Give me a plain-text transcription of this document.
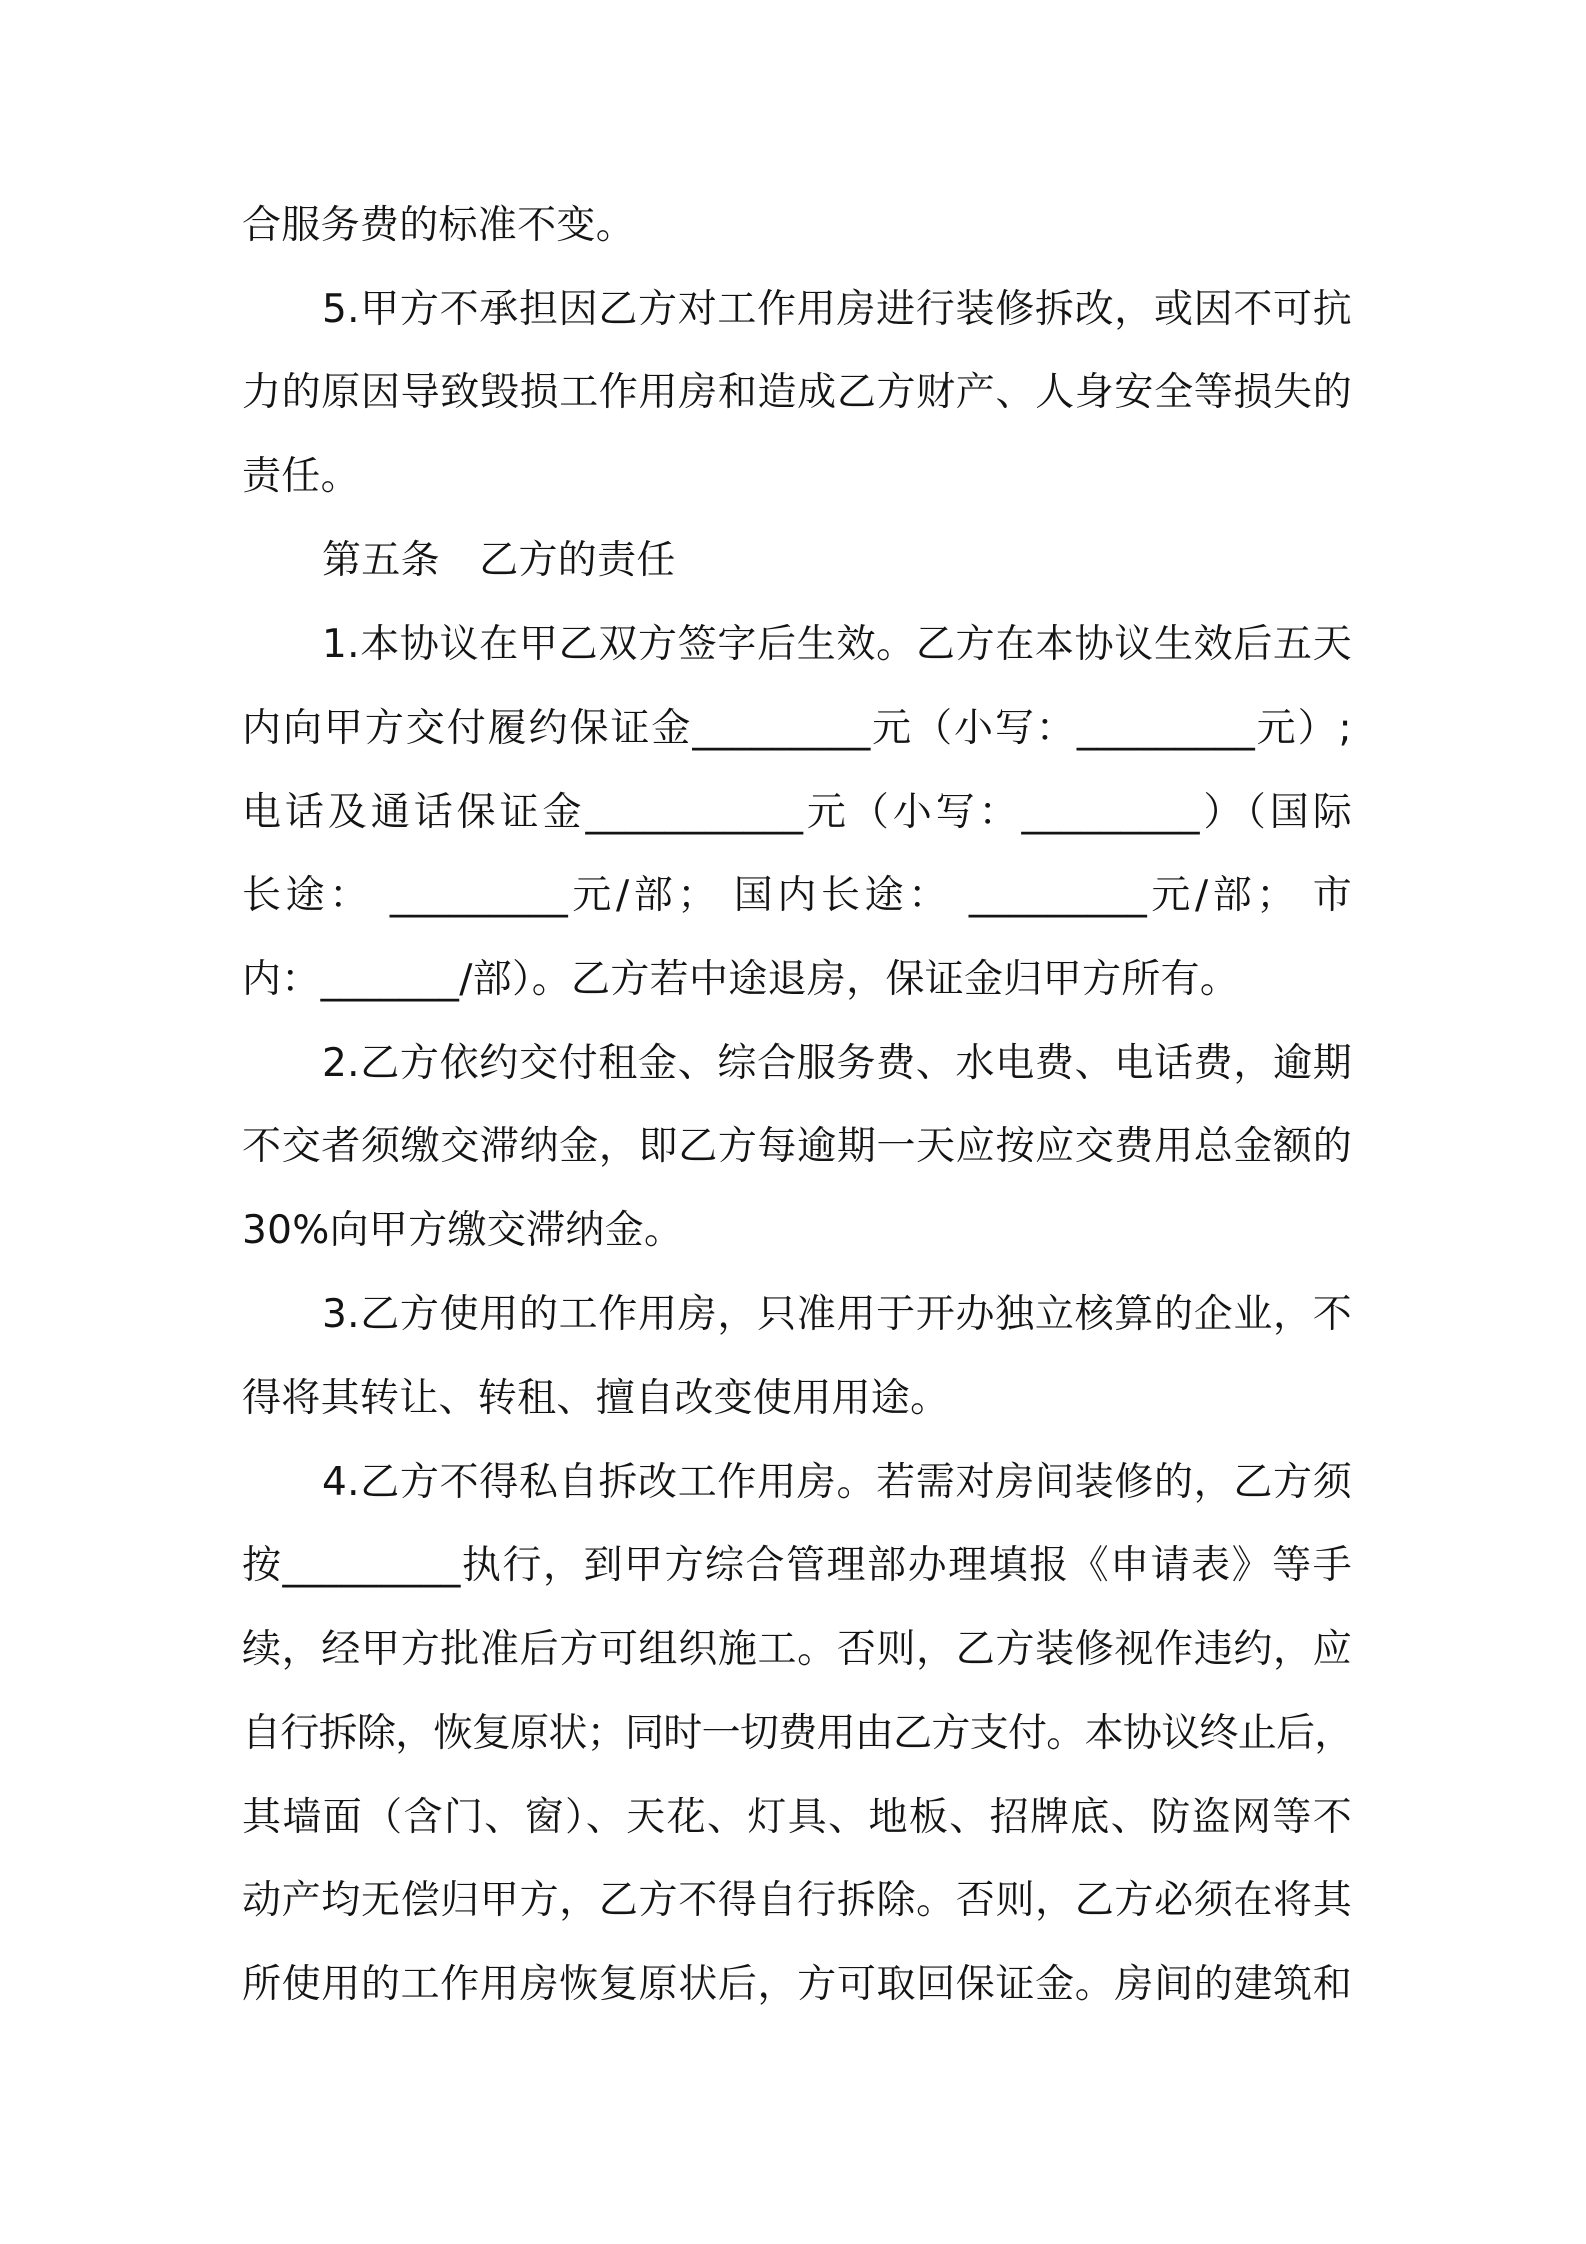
合服务费的标准不变。
5.甲方不承担因乙方对工作用房进行装修拆改，或因不可抗
力的原因导致毁损工作用房和造成乙方财产、人身安全等损失的
责任。
第五条　乙方的责任
1.本协议在甲乙双方签字后生效。乙方在本协议生效后五天
内向甲方交付履约保证金_________元（小写：_________元）;
电话及通话保证金___________元（小写：_________）（国际
长途： _________元/部； 国内长途： _________元/部； 市
内：_______/部）。乙方若中途退房，保证金归甲方所有。
2.乙方依约交付租金、综合服务费、水电费、电话费，逾期
不交者须缴交滞纳金，即乙方每逾期一天应按应交费用总金额的
30%向甲方缴交滞纳金。
3.乙方使用的工作用房，只准用于开办独立核算的企业，不
得将其转让、转租、擅自改变使用用途。
4.乙方不得私自拆改工作用房。若需对房间装修的，乙方须
按_________执行，到甲方综合管理部办理填报《申请表》等手
续，经甲方批准后方可组织施工。否则，乙方装修视作违约，应
自行拆除，恢复原状；同时一切费用由乙方支付。本协议终止后，
其墙面（含门、窗）、天花、灯具、地板、招牌底、防盗网等不
动产均无偿归甲方，乙方不得自行拆除。否则，乙方必须在将其
所使用的工作用房恢复原状后，方可取回保证金。房间的建筑和
